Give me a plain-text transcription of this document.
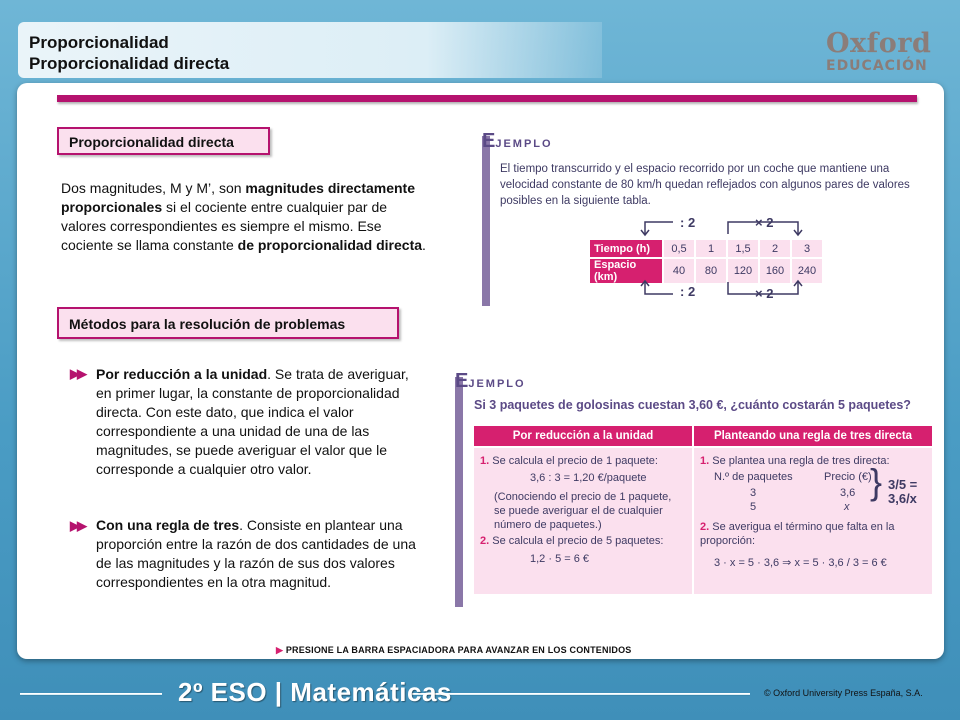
Proporcionalidad
Proporcionalidad directa
Oxford
EDUCACIÓN
Proporcionalidad directa
Dos magnitudes, M y M’, son magnitudes directamente proporcionales si el cociente entre cualquier par de valores correspondientes es siempre el mismo. Ese cociente se llama constante de proporcionalidad directa.
Métodos para la resolución de problemas
▶▶ Por reducción a la unidad. Se trata de averiguar, en primer lugar, la constante de proporcionalidad directa. Con este dato, que indica el valor correspondiente a una unidad de una de las magnitudes, se puede averiguar el valor que le corresponde a cualquier otro valor.
▶▶ Con una regla de tres. Consiste en plantear una proporción entre la razón de dos cantidades de una de las magnitudes y la razón de sus dos valores correspondientes en la otra magnitud.
EJEMPLO
El tiempo transcurrido y el espacio recorrido por un coche que mantiene una velocidad constante de 80 km/h quedan reflejados con algunos pares de valores posibles en la siguiente tabla.
: 2	× 2
Tiempo (h)	0,5	1	1,5	2	3
Espacio (km)	40	80	120	160	240
: 2	× 2
EJEMPLO
Si 3 paquetes de golosinas cuestan 3,60 €, ¿cuánto costarán 5 paquetes?
Por reducción a la unidad	Planteando una regla de tres directa
1. Se calcula el precio de 1 paquete:
3,6 : 3 = 1,20 €/paquete
(Conociendo el precio de 1 paquete, se puede averiguar el de cualquier número de paquetes.)
2. Se calcula el precio de 5 paquetes:
1,2 · 5 = 6 €
1. Se plantea una regla de tres directa:
N.º de paquetes	Precio (€)
3	3,6
5	x
} 3/5 = 3,6/x
2. Se averigua el término que falta en la proporción:
3 · x = 5 · 3,6 ⇒ x = 5 · 3,6 / 3 = 6 €
▶ PRESIONE LA BARRA ESPACIADORA PARA AVANZAR EN LOS CONTENIDOS
2º ESO | Matemáticas	© Oxford University Press España, S.A.
